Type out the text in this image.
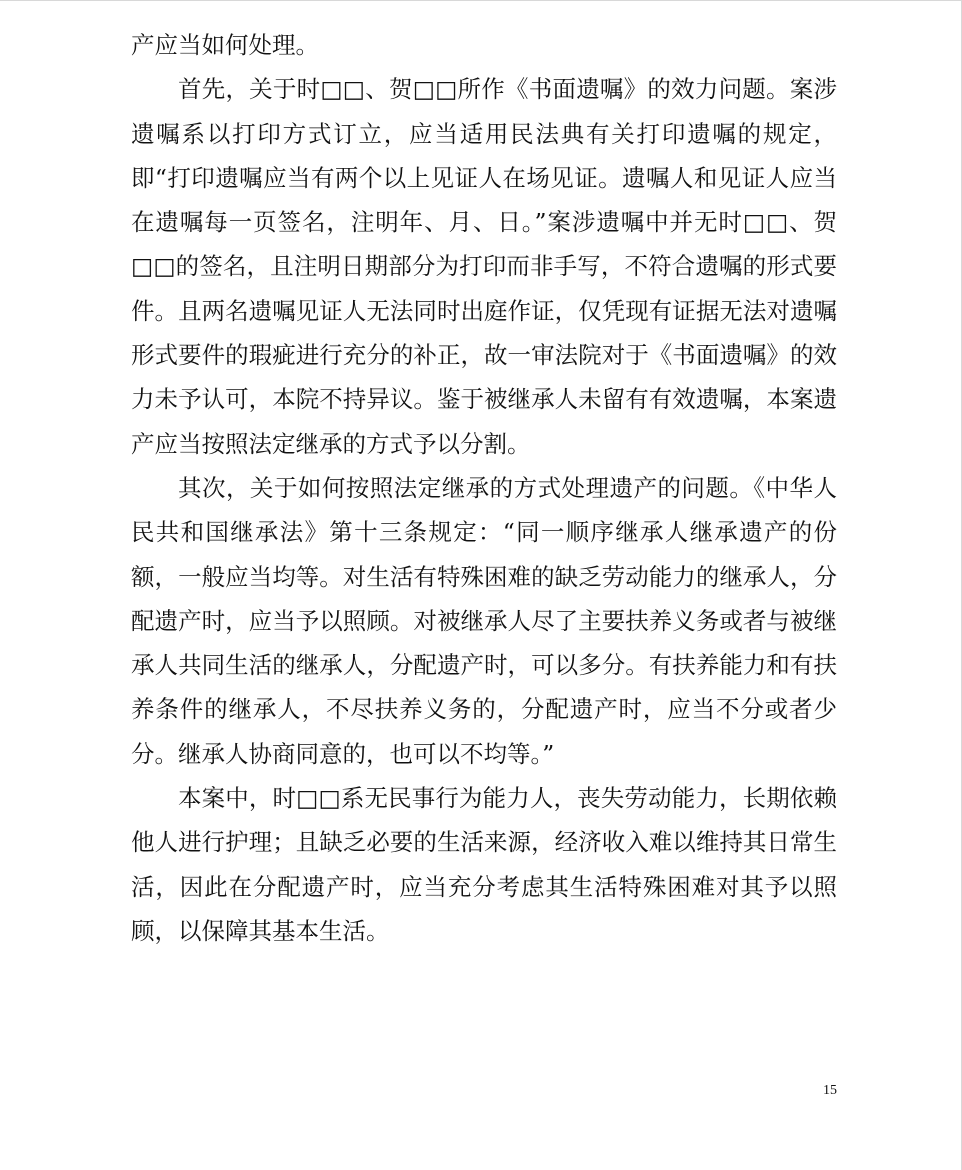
产应当如何处理。

首先，关于时□□、贺□□所作《书面遗嘱》的效力问题。案涉遗嘱系以打印方式订立，应当适用民法典有关打印遗嘱的规定，即“打印遗嘱应当有两个以上见证人在场见证。遗嘱人和见证人应当在遗嘱每一页签名，注明年、月、日。”案涉遗嘱中并无时□□、贺□□的签名，且注明日期部分为打印而非手写，不符合遗嘱的形式要件。且两名遗嘱见证人无法同时出庭作证，仅凭现有证据无法对遗嘱形式要件的瑕疵进行充分的补正，故一审法院对于《书面遗嘱》的效力未予认可，本院不持异议。鉴于被继承人未留有有效遗嘱，本案遗产应当按照法定继承的方式予以分割。

其次，关于如何按照法定继承的方式处理遗产的问题。《中华人民共和国继承法》第十三条规定：“同一顺序继承人继承遗产的份额，一般应当均等。对生活有特殊困难的缺乏劳动能力的继承人，分配遗产时，应当予以照顾。对被继承人尽了主要扶养义务或者与被继承人共同生活的继承人，分配遗产时，可以多分。有扶养能力和有扶养条件的继承人，不尽扶养义务的，分配遗产时，应当不分或者少分。继承人协商同意的，也可以不均等。”

本案中，时□□系无民事行为能力人，丧失劳动能力，长期依赖他人进行护理；且缺乏必要的生活来源，经济收入难以维持其日常生活，因此在分配遗产时，应当充分考虑其生活特殊困难对其予以照顾，以保障其基本生活。

15
